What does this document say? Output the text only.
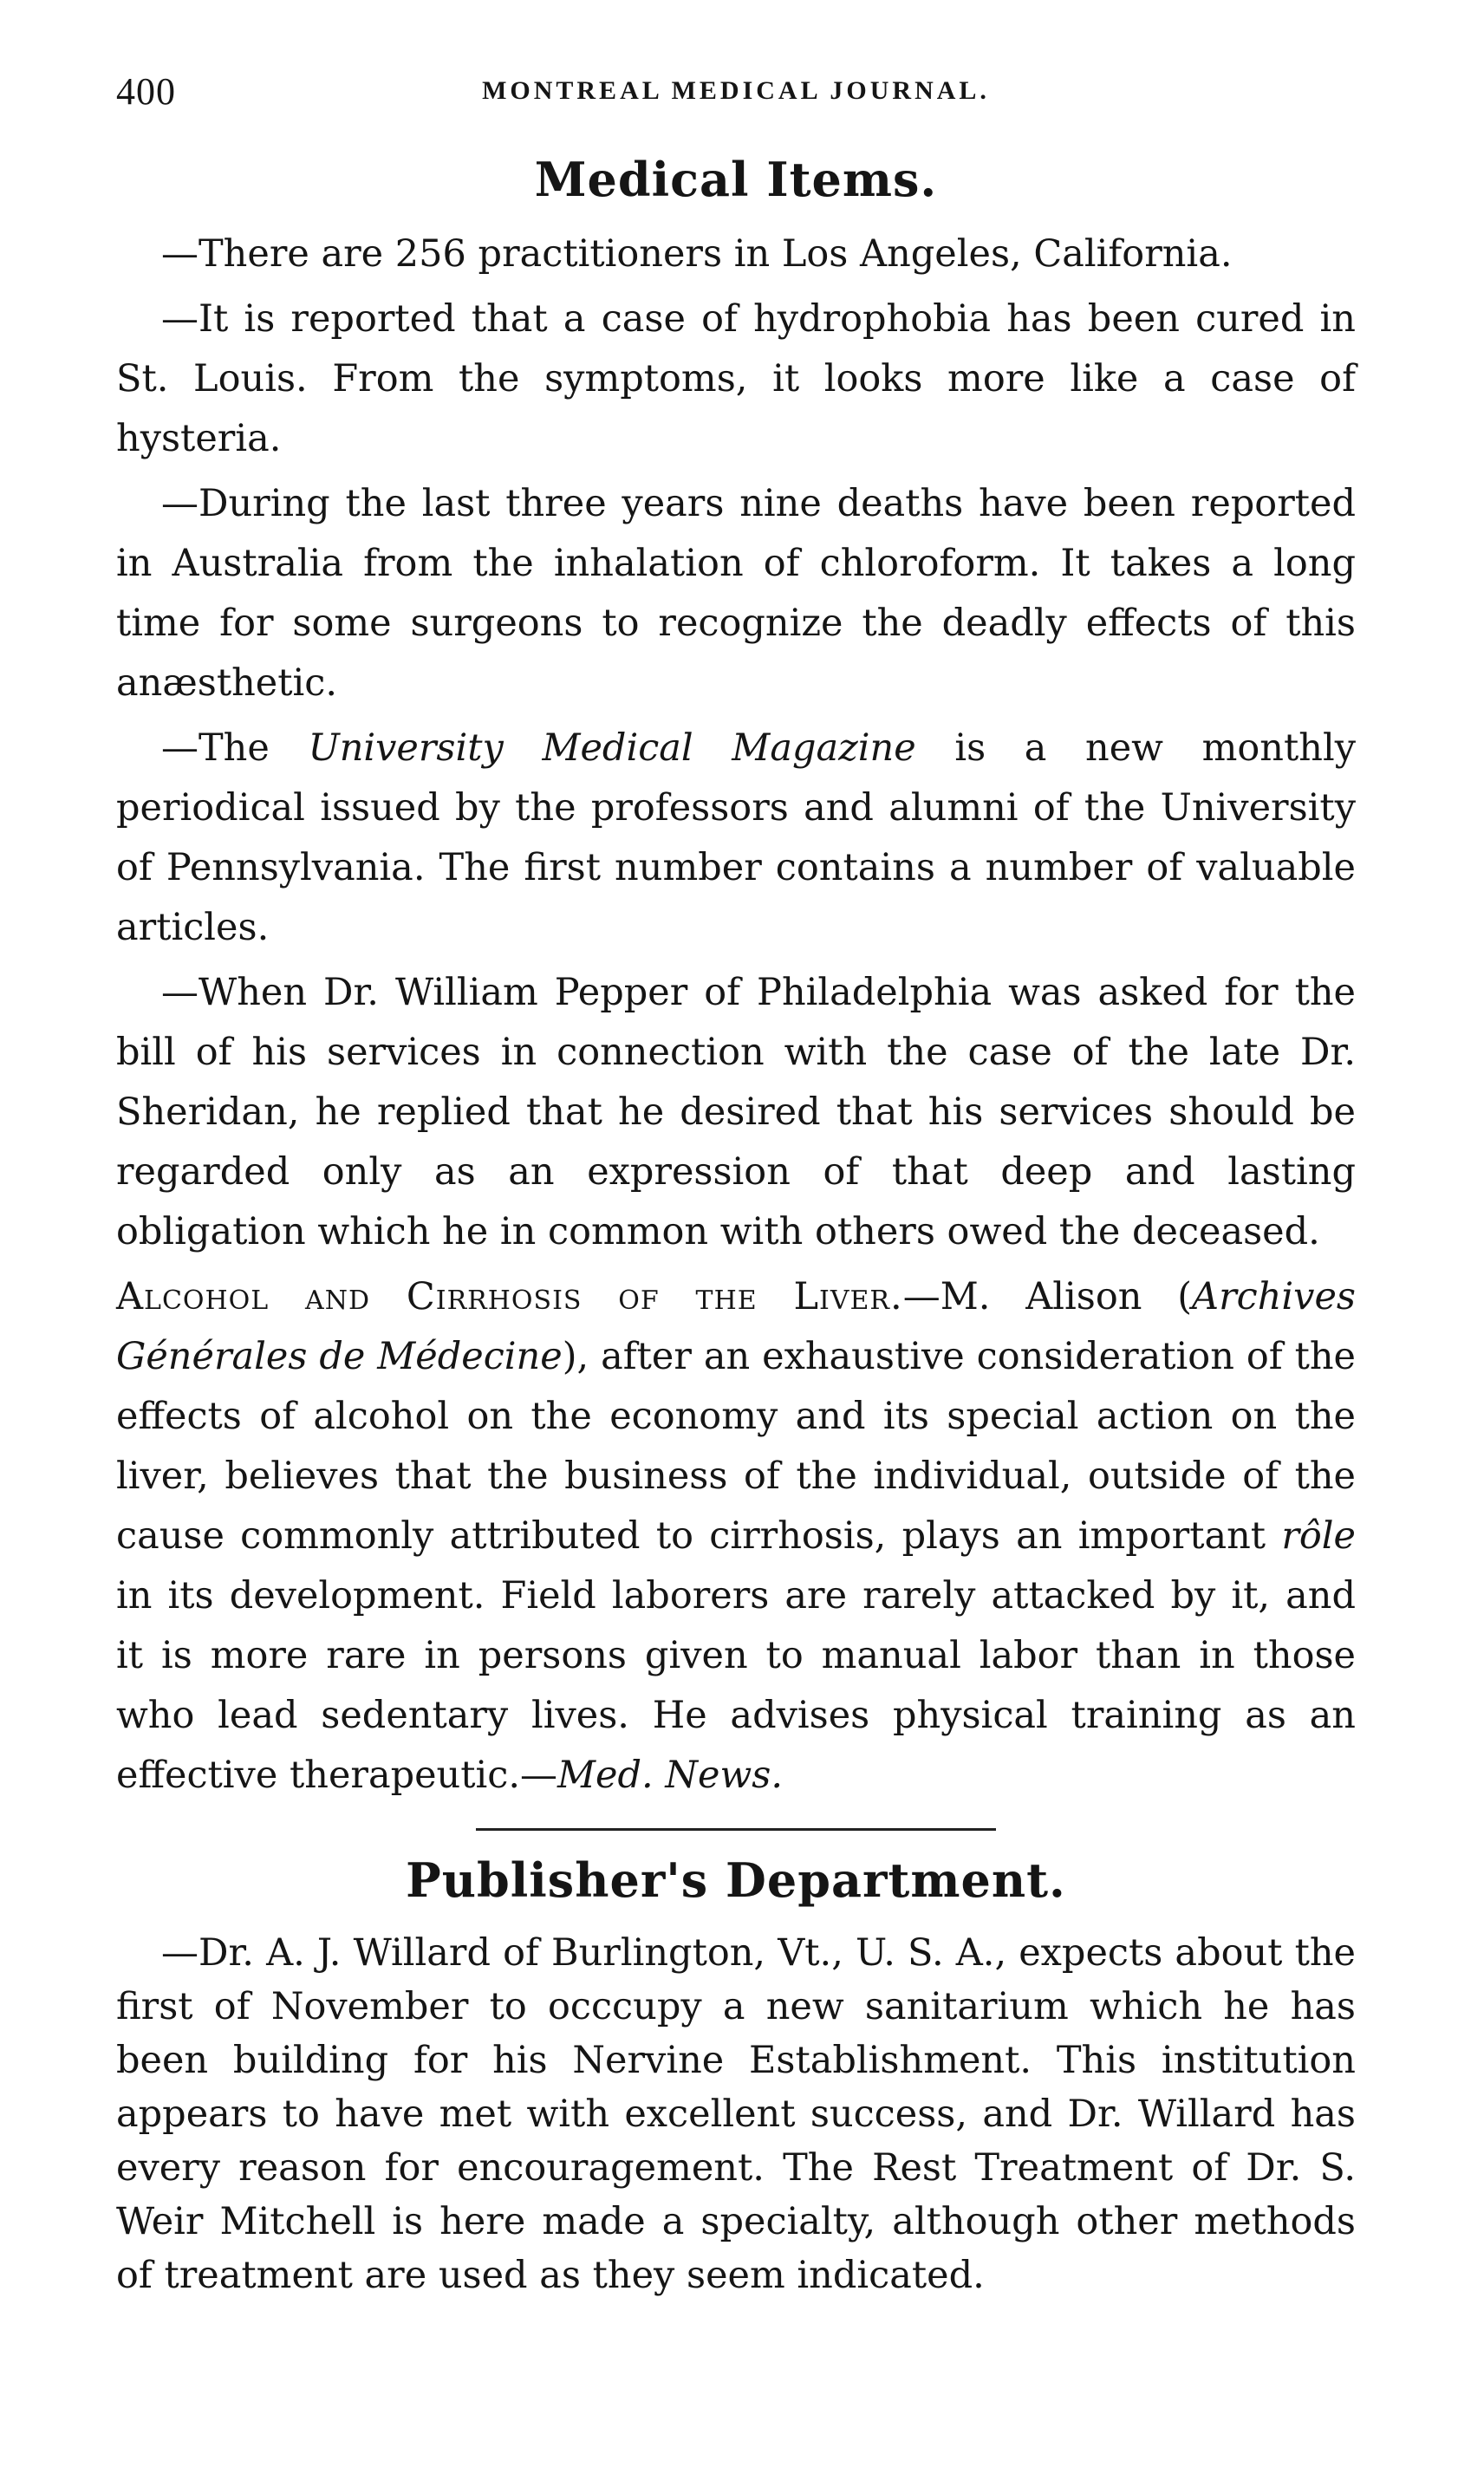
400	MONTREAL MEDICAL JOURNAL.
Medical Items.

—There are 256 practitioners in Los Angeles, California.

—It is reported that a case of hydrophobia has been cured in St. Louis. From the symptoms, it looks more like a case of hysteria.

—During the last three years nine deaths have been reported in Australia from the inhalation of chloroform. It takes a long time for some surgeons to recognize the deadly effects of this anæsthetic.

—The University Medical Magazine is a new monthly periodical issued by the professors and alumni of the University of Pennsylvania. The first number contains a number of valuable articles.

—When Dr. William Pepper of Philadelphia was asked for the bill of his services in connection with the case of the late Dr. Sheridan, he replied that he desired that his services should be regarded only as an expression of that deep and lasting obligation which he in common with others owed the deceased.

Alcohol and Cirrhosis of the Liver.—M. Alison (Archives Générales de Médecine), after an exhaustive consideration of the effects of alcohol on the economy and its special action on the liver, believes that the business of the individual, outside of the cause commonly attributed to cirrhosis, plays an important rôle in its development. Field laborers are rarely attacked by it, and it is more rare in persons given to manual labor than in those who lead sedentary lives. He advises physical training as an effective therapeutic.—Med. News.

Publisher's Department.

—Dr. A. J. Willard of Burlington, Vt., U. S. A., expects about the first of November to occcupy a new sanitarium which he has been building for his Nervine Establishment. This institution appears to have met with excellent success, and Dr. Willard has every reason for encouragement. The Rest Treatment of Dr. S. Weir Mitchell is here made a specialty, although other methods of treatment are used as they seem indicated.
